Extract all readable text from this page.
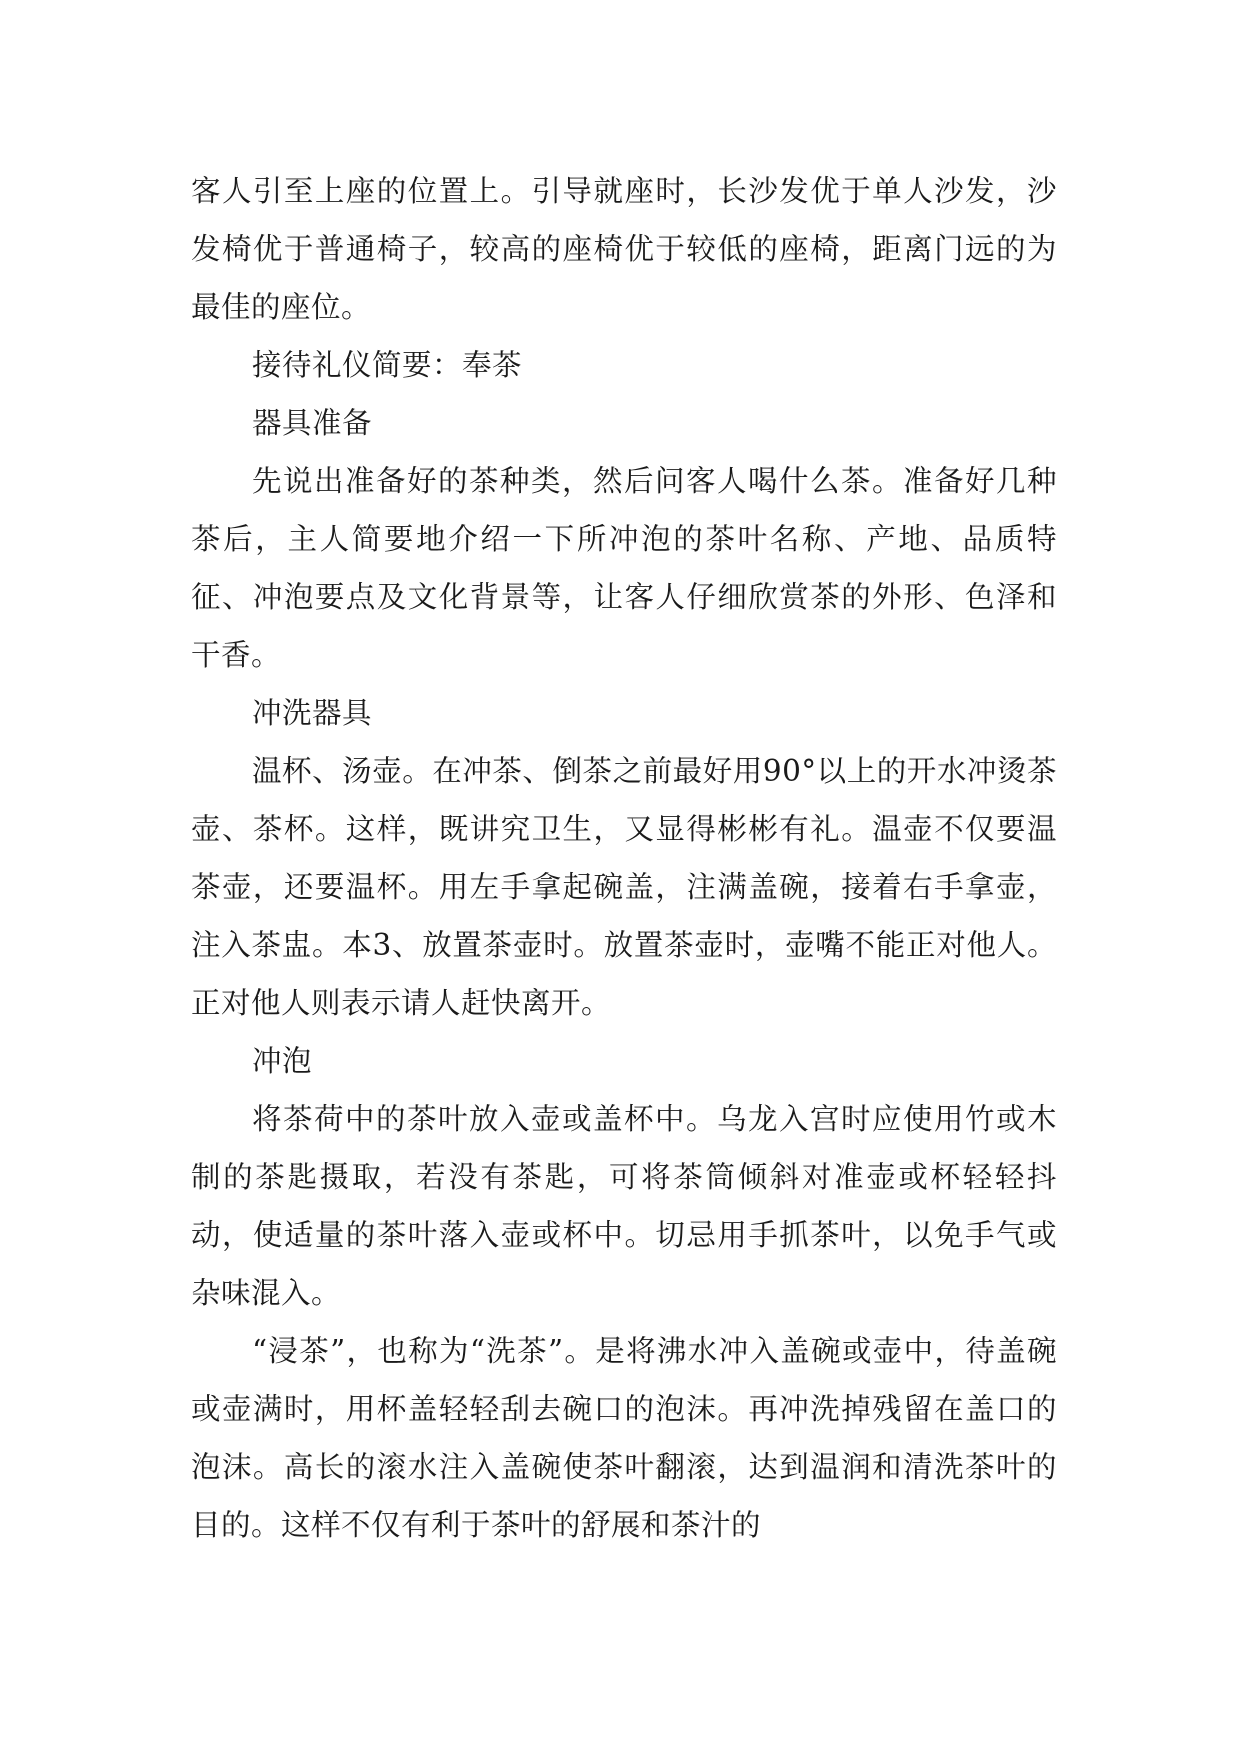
客人引至上座的位置上。引导就座时，长沙发优于单人沙发，沙发椅优于普通椅子，较高的座椅优于较低的座椅，距离门远的为最佳的座位。

接待礼仪简要：奉茶

器具准备

先说出准备好的茶种类，然后问客人喝什么茶。准备好几种茶后，主人简要地介绍一下所冲泡的茶叶名称、产地、品质特征、冲泡要点及文化背景等，让客人仔细欣赏茶的外形、色泽和干香。

冲洗器具

温杯、汤壶。在冲茶、倒茶之前最好用90°以上的开水冲烫茶壶、茶杯。这样，既讲究卫生，又显得彬彬有礼。温壶不仅要温茶壶，还要温杯。用左手拿起碗盖，注满盖碗，接着右手拿壶，注入茶盅。本3、放置茶壶时。放置茶壶时，壶嘴不能正对他人。正对他人则表示请人赶快离开。

冲泡

将茶荷中的茶叶放入壶或盖杯中。乌龙入宫时应使用竹或木制的茶匙摄取，若没有茶匙，可将茶筒倾斜对准壶或杯轻轻抖动，使适量的茶叶落入壶或杯中。切忌用手抓茶叶，以免手气或杂味混入。

“浸茶”，也称为“洗茶”。是将沸水冲入盖碗或壶中，待盖碗或壶满时，用杯盖轻轻刮去碗口的泡沫。再冲洗掉残留在盖口的泡沫。高长的滚水注入盖碗使茶叶翻滚，达到温润和清洗茶叶的目的。这样不仅有利于茶叶的舒展和茶汁的
